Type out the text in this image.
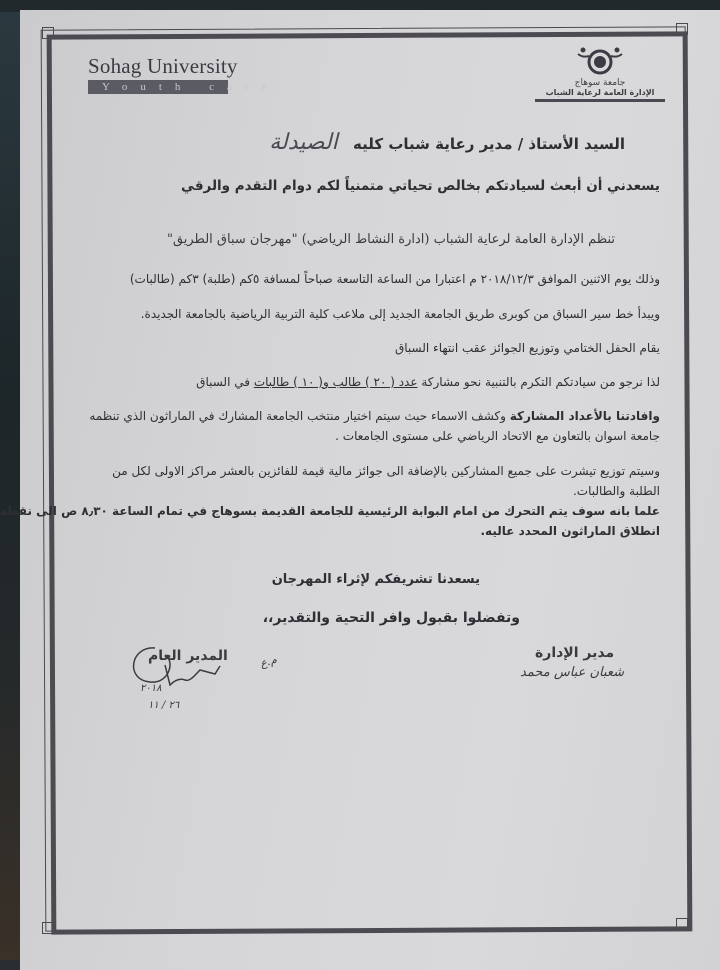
Sohag University
Youth care	جامعة سوهاج
الإدارة العامة لرعاية الشباب
السيد الأستاذ / مدير رعاية شباب كليه الصيدلة
يسعدني أن أبعث لسيادتكم بخالص تحياتي متمنياً لكم دوام التقدم والرقي
تنظم الإدارة العامة لرعاية الشباب (ادارة النشاط الرياضي) "مهرجان سباق الطريق"
وذلك يوم الاثنين الموافق ٢٠١٨/١٢/٣ م اعتبارا من الساعة التاسعة صباحاً لمسافة ٥كم (طلبة) ٣كم (طالبات)
ويبدأ خط سير السباق من كوبرى طريق الجامعة الجديد إلى ملاعب كلية التربية الرياضية بالجامعة الجديدة.
يقام الحفل الختامي وتوزيع الجوائز عقب انتهاء السباق
لذا نرجو من سيادتكم التكرم بالتنبية نحو مشاركة عدد ( ٢٠ ) طالب و( ١٠ ) طالبات في السباق
وافادتنا بالأعداد المشاركة وكشف الاسماء حيث سيتم اختيار منتخب الجامعة المشارك في الماراثون الذي تنظمه
جامعة اسوان بالتعاون مع الاتحاد الرياضي على مستوى الجامعات .
وسيتم توزيع تيشرت على جميع المشاركين بالإضافة الى جوائز مالية قيمة للفائزين بالعشر مراكز الاولى لكل من
الطلبة والطالبات.
علما بانه سوف يتم التحرك من امام البوابة الرئيسية للجامعة القديمة بسوهاج في تمام الساعة ٨٫٣٠ ص الى نقطة
انطلاق الماراثون المحدد عاليه.
يسعدنا تشريفكم لإثراء المهرجان
وتفضلوا بقبول وافر التحية والتقدير،،
مدير الإدارة
شعبان عباس محمد
المدير العام	م.ع
٢٠١٨
٢٦ / ١١
